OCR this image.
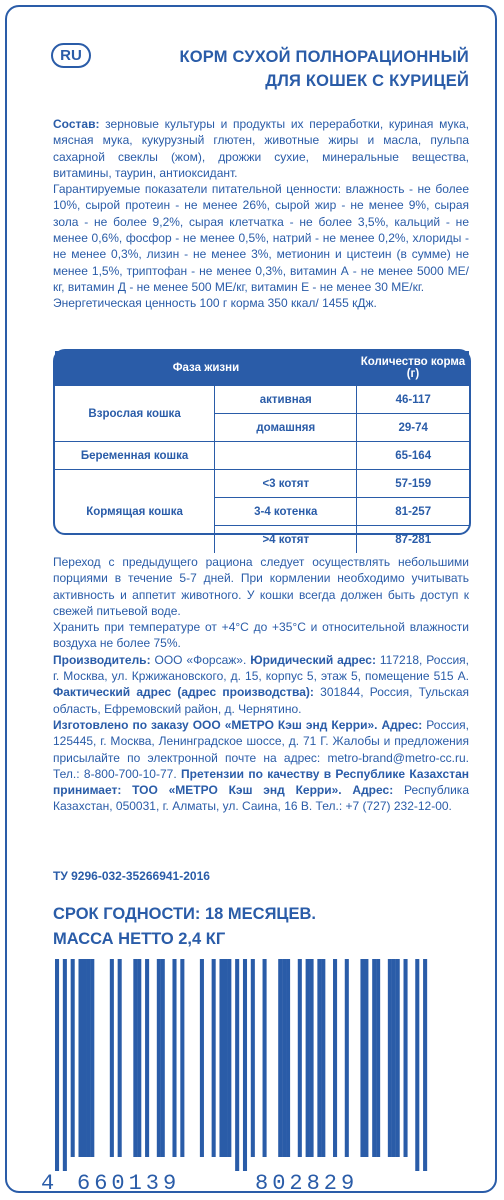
RU	КОРМ СУХОЙ ПОЛНОРАЦИОННЫЙ
ДЛЯ КОШЕК С КУРИЦЕЙ

Состав: зерновые культуры и продукты их переработки, куриная мука, мясная мука, кукурузный глютен, животные жиры и масла, пульпа сахарной свеклы (жом), дрожжи сухие, минеральные вещества, витамины, таурин, антиоксидант.

Гарантируемые показатели питательной ценности: влажность - не более 10%, сырой протеин - не менее 26%, сырой жир - не менее 9%, сырая зола - не более 9,2%, сырая клетчатка - не более 3,5%, кальций - не менее 0,6%, фосфор - не менее 0,5%, натрий - не менее 0,2%, хлориды - не менее 0,3%, лизин - не менее 3%, метионин и цистеин (в сумме) не менее 1,5%, триптофан - не менее 0,3%, витамин А - не менее 5000 МЕ/кг, витамин Д - не менее 500 МЕ/кг, витамин Е - не менее 30 МЕ/кг.

Энергетическая ценность 100 г корма 350 ккал/ 1455 кДж.

Фаза жизни		Количество корма (г)
Взрослая кошка	активная	46-117
	домашняя	29-74
Беременная кошка		65-164
Кормящая кошка	<3 котят	57-159
	3-4 котенка	81-257
	>4 котят	87-281

Переход с предыдущего рациона следует осуществлять небольшими порциями в течение 5-7 дней. При кормлении необходимо учитывать активность и аппетит животного. У кошки всегда должен быть доступ к свежей питьевой воде.

Хранить при температуре от +4°С до +35°С и относительной влажности воздуха не более 75%.

Производитель: ООО «Форсаж». Юридический адрес: 117218, Россия, г. Москва, ул. Кржижановского, д. 15, корпус 5, этаж 5, помещение 515 А. Фактический адрес (адрес производства): 301844, Россия, Тульская область, Ефремовский район, д. Чернятино.

Изготовлено по заказу ООО «МЕТРО Кэш энд Керри». Адрес: Россия, 125445, г. Москва, Ленинградское шоссе, д. 71 Г. Жалобы и предложения присылайте по электронной почте на адрес: metro-brand@metro-cc.ru. Тел.: 8-800-700-10-77. Претензии по качеству в Республике Казахстан принимает: ТОО «МЕТРО Кэш энд Керри». Адрес: Республика Казахстан, 050031, г. Алматы, ул. Саина, 16 В. Тел.: +7 (727) 232-12-00.

ТУ 9296-032-35266941-2016
СРОК ГОДНОСТИ: 18 МЕСЯЦЕВ.
МАССА НЕТТО 2,4 КГ
4 660139	802829
